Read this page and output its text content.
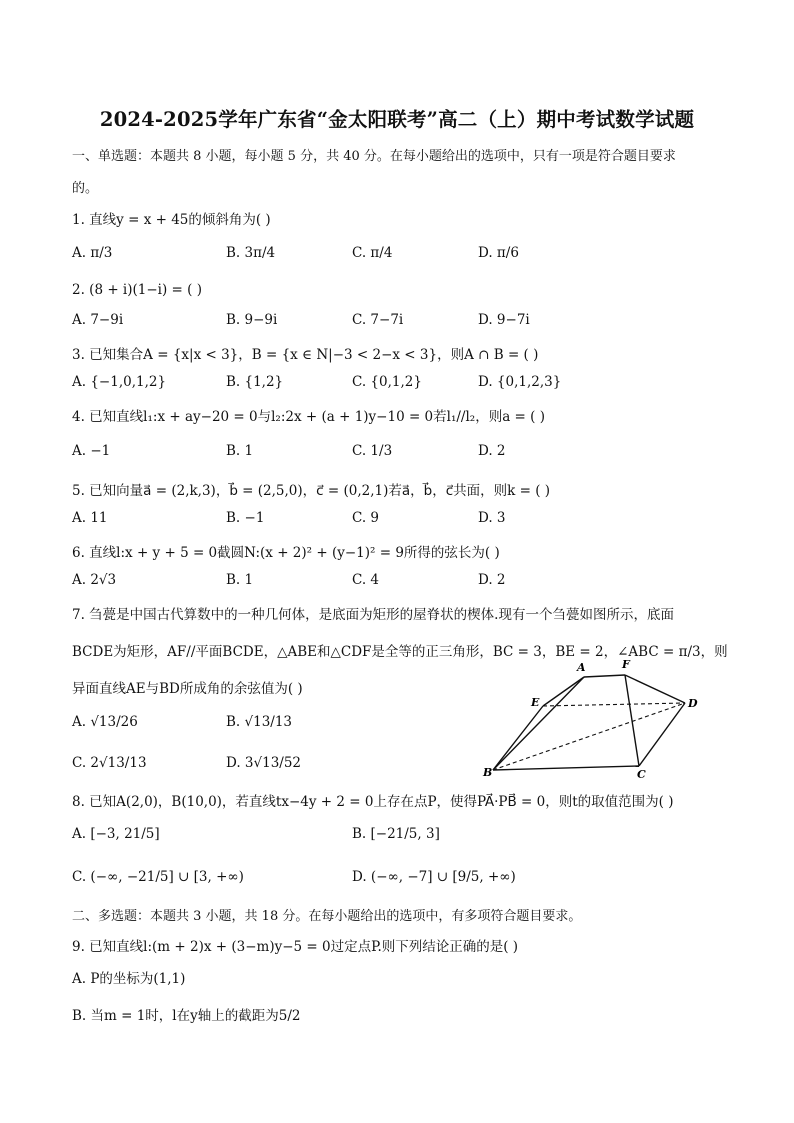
2024-2025学年广东省“金太阳联考”高二（上）期中考试数学试题
一、单选题：本题共 8 小题，每小题 5 分，共 40 分。在每小题给出的选项中，只有一项是符合题目要求
的。
1. 直线y = x + 45的倾斜角为( )
A. π/3	B. 3π/4	C. π/4	D. π/6
2. (8 + i)(1−i) = ( )
A. 7−9i	B. 9−9i	C. 7−7i	D. 9−7i
3. 已知集合A = {x|x < 3}，B = {x ∈ N|−3 < 2−x < 3}，则A ∩ B = ( )
A. {−1,0,1,2}	B. {1,2}	C. {0,1,2}	D. {0,1,2,3}
4. 已知直线l₁:x + ay−20 = 0与l₂:2x + (a + 1)y−10 = 0若l₁//l₂，则a = ( )
A. −1	B. 1	C. 1/3	D. 2
5. 已知向量a⃗ = (2,k,3)，b⃗ = (2,5,0)，c⃗ = (0,2,1)若a⃗，b⃗，c⃗共面，则k = ( )
A. 11	B. −1	C. 9	D. 3
6. 直线l:x + y + 5 = 0截圆N:(x + 2)² + (y−1)² = 9所得的弦长为( )
A. 2√3	B. 1	C. 4	D. 2
7. 刍甍是中国古代算数中的一种几何体，是底面为矩形的屋脊状的楔体.现有一个刍甍如图所示，底面
BCDE为矩形，AF//平面BCDE，△ABE和△CDF是全等的正三角形，BC = 3，BE = 2，∠ABC = π/3，则
异面直线AE与BD所成角的余弦值为( )
A. √13/26	B. √13/13
C. 2√13/13	D. 3√13/52
A	F
E	D
B	C
8. 已知A(2,0)，B(10,0)，若直线tx−4y + 2 = 0上存在点P，使得PA⃗·PB⃗ = 0，则t的取值范围为( )
A. [−3, 21/5]	B. [−21/5, 3]
C. (−∞, −21/5] ∪ [3, +∞)	D. (−∞, −7] ∪ [9/5, +∞)
二、多选题：本题共 3 小题，共 18 分。在每小题给出的选项中，有多项符合题目要求。
9. 已知直线l:(m + 2)x + (3−m)y−5 = 0过定点P.则下列结论正确的是( )
A. P的坐标为(1,1)
B. 当m = 1时，l在y轴上的截距为5/2
